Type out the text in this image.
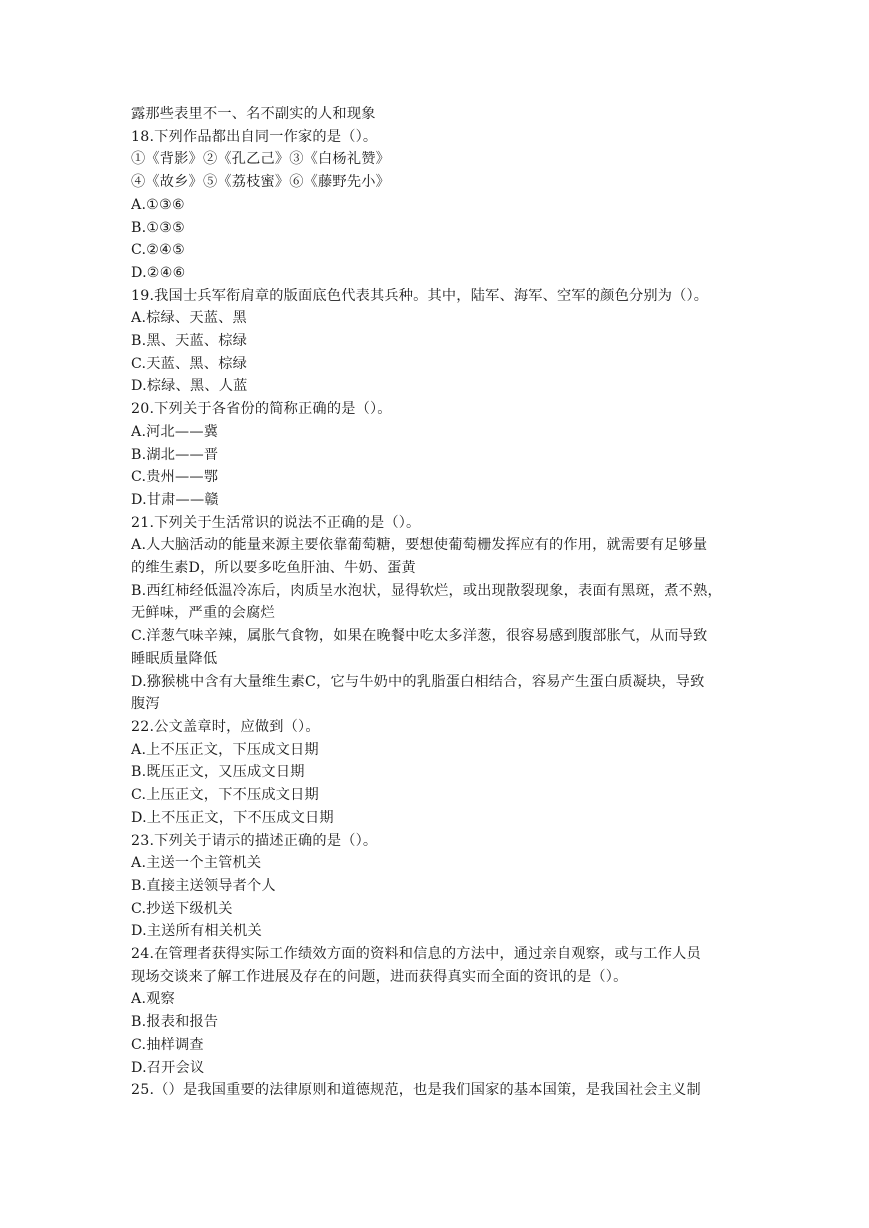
露那些表里不一、名不副实的人和现象
18.下列作品都出自同一作家的是（）。
①《背影》②《孔乙己》③《白杨礼赞》
④《故乡》⑤《荔枝蜜》⑥《藤野先小》
A.①③⑥
B.①③⑤
C.②④⑤
D.②④⑥
19.我国士兵军衔肩章的版面底色代表其兵种。其中，陆军、海军、空军的颜色分别为（）。
A.棕绿、天蓝、黑
B.黑、天蓝、棕绿
C.天蓝、黑、棕绿
D.棕绿、黑、人蓝
20.下列关于各省份的简称正确的是（）。
A.河北——冀
B.湖北——晋
C.贵州——鄂
D.甘肃——赣
21.下列关于生活常识的说法不正确的是（）。
A.人大脑活动的能量来源主要依靠葡萄糖，要想使葡萄栅发挥应有的作用，就需要有足够量
的维生素D，所以要多吃鱼肝油、牛奶、蛋黄
B.西红柿经低温冷冻后，肉质呈水泡状，显得软烂，或出现散裂现象，表面有黑斑，煮不熟，
无鲜味，严重的会腐烂
C.洋葱气味辛辣，属胀气食物，如果在晚餐中吃太多洋葱，很容易感到腹部胀气，从而导致
睡眠质量降低
D.猕猴桃中含有大量维生素C，它与牛奶中的乳脂蛋白相结合，容易产生蛋白质凝块，导致
腹泻
22.公文盖章时，应做到（）。
A.上不压正文，下压成文日期
B.既压正文，又压成文日期
C.上压正文，下不压成文日期
D.上不压正文，下不压成文日期
23.下列关于请示的描述正确的是（）。
A.主送一个主管机关
B.直接主送领导者个人
C.抄送下级机关
D.主送所有相关机关
24.在管理者获得实际工作绩效方面的资料和信息的方法中，通过亲自观察，或与工作人员
现场交谈来了解工作进展及存在的问题，进而获得真实而全面的资讯的是（）。
A.观察
B.报表和报告
C.抽样调查
D.召开会议
25.（）是我国重要的法律原则和道德规范，也是我们国家的基本国策，是我国社会主义制
